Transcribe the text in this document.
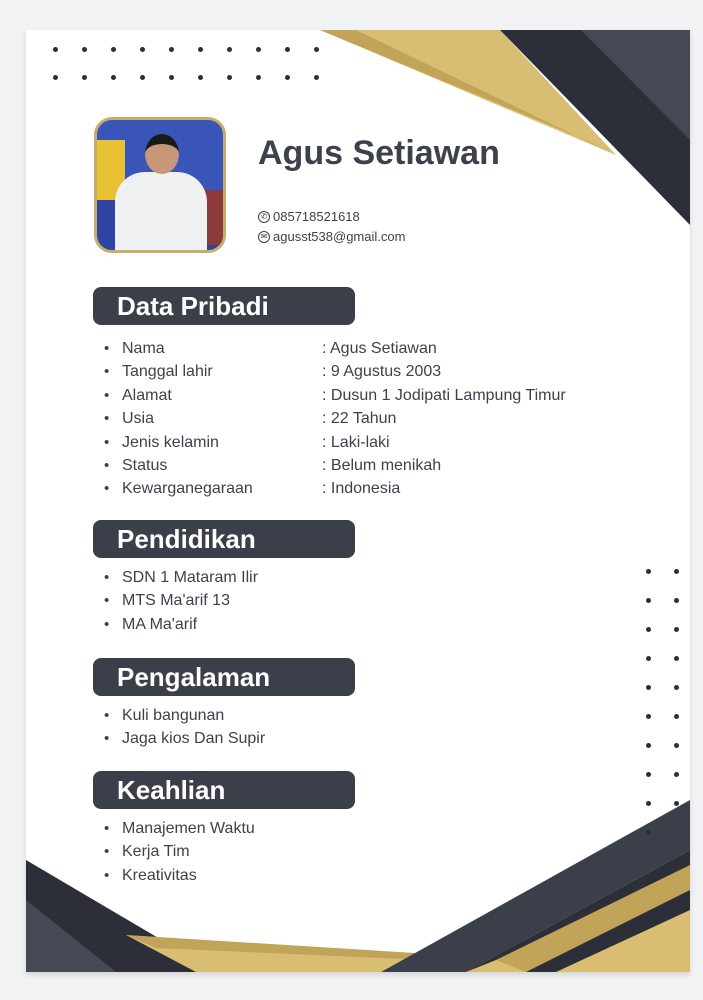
Agus Setiawan
✆ 085718521618
✉ agusst538@gmail.com
Data Pribadi
• Nama	: Agus Setiawan
• Tanggal lahir	: 9 Agustus 2003
• Alamat	: Dusun 1 Jodipati Lampung Timur
• Usia	: 22 Tahun
• Jenis kelamin	: Laki-laki
• Status	: Belum menikah
• Kewarganegaraan	: Indonesia
Pendidikan
• SDN 1 Mataram Ilir
• MTS Ma'arif 13
• MA Ma'arif
Pengalaman
• Kuli bangunan
• Jaga kios Dan Supir
Keahlian
• Manajemen Waktu
• Kerja Tim
• Kreativitas
